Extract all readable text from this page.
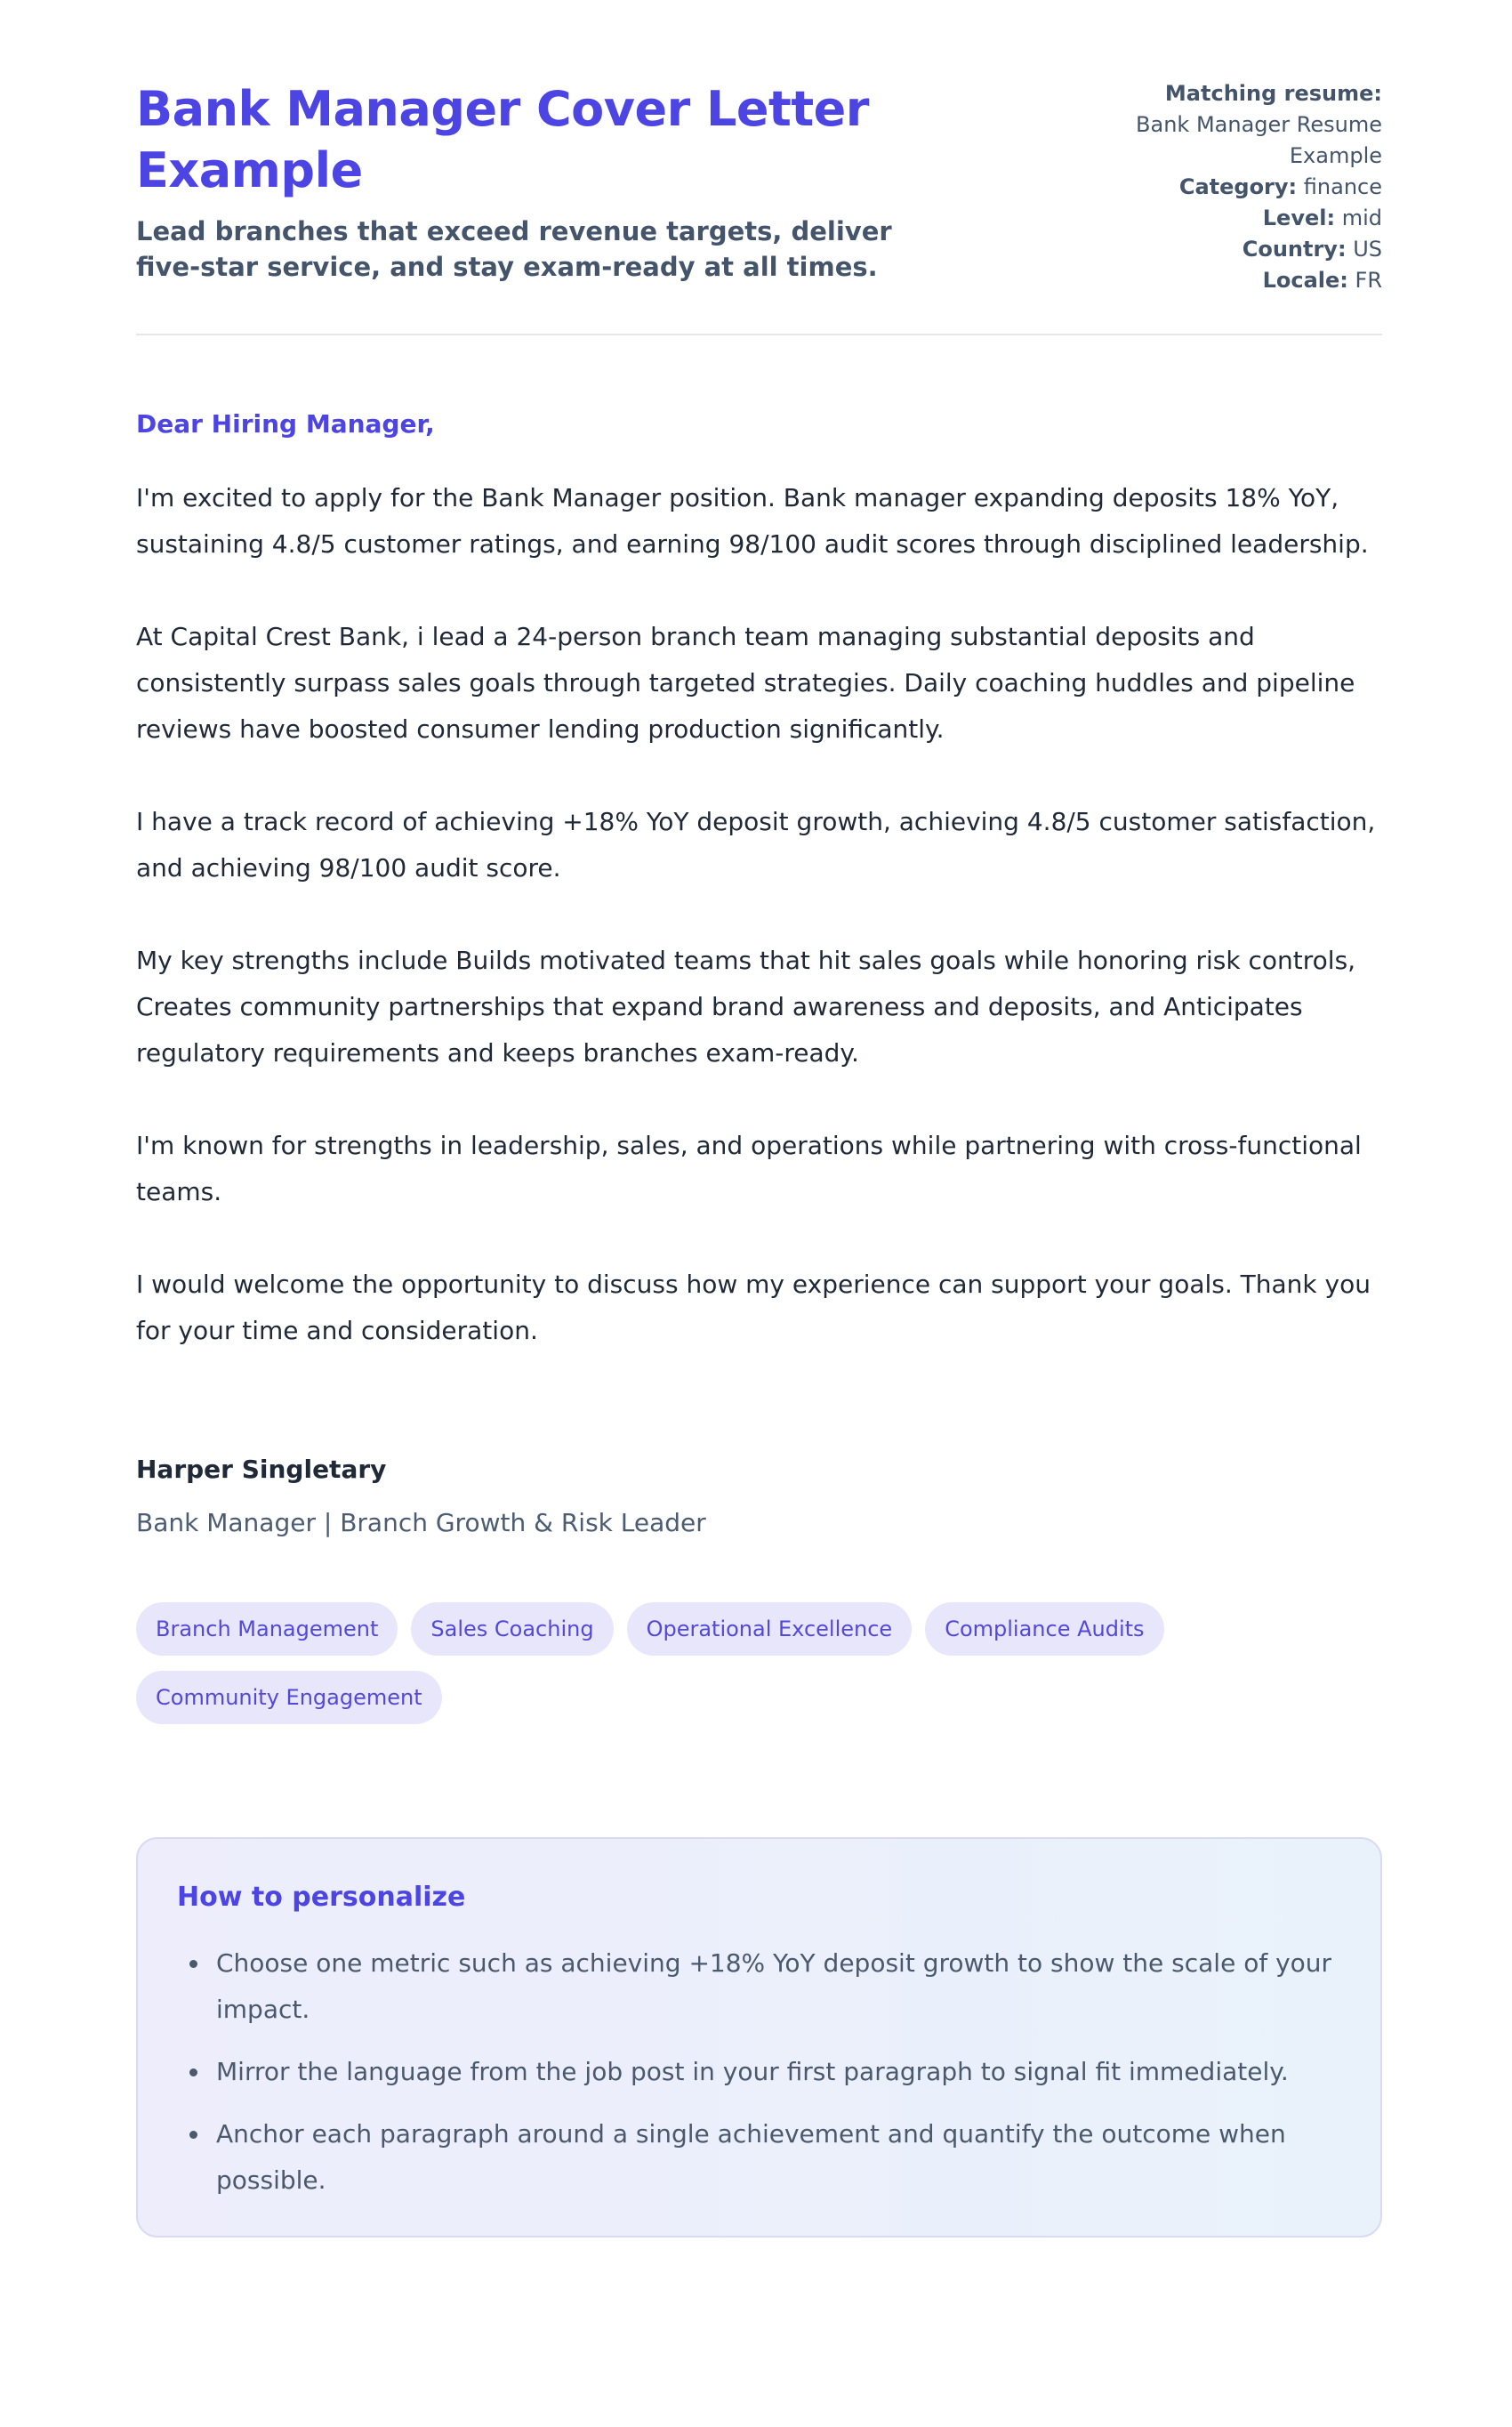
Bank Manager Cover Letter Example

Lead branches that exceed revenue targets, deliver five-star service, and stay exam-ready at all times.

Matching resume: Bank Manager Resume Example
Category: finance
Level: mid
Country: US
Locale: FR

Dear Hiring Manager,

I'm excited to apply for the Bank Manager position. Bank manager expanding deposits 18% YoY, sustaining 4.8/5 customer ratings, and earning 98/100 audit scores through disciplined leadership.

At Capital Crest Bank, i lead a 24-person branch team managing substantial deposits and consistently surpass sales goals through targeted strategies. Daily coaching huddles and pipeline reviews have boosted consumer lending production significantly.

I have a track record of achieving +18% YoY deposit growth, achieving 4.8/5 customer satisfaction, and achieving 98/100 audit score.

My key strengths include Builds motivated teams that hit sales goals while honoring risk controls, Creates community partnerships that expand brand awareness and deposits, and Anticipates regulatory requirements and keeps branches exam-ready.

I'm known for strengths in leadership, sales, and operations while partnering with cross-functional teams.

I would welcome the opportunity to discuss how my experience can support your goals. Thank you for your time and consideration.

Harper Singletary

Bank Manager | Branch Growth & Risk Leader

Branch Management	Sales Coaching	Operational Excellence	Compliance Audits
Community Engagement
How to personalize
• Choose one metric such as achieving +18% YoY deposit growth to show the scale of your impact.
• Mirror the language from the job post in your first paragraph to signal fit immediately.
• Anchor each paragraph around a single achievement and quantify the outcome when possible.
